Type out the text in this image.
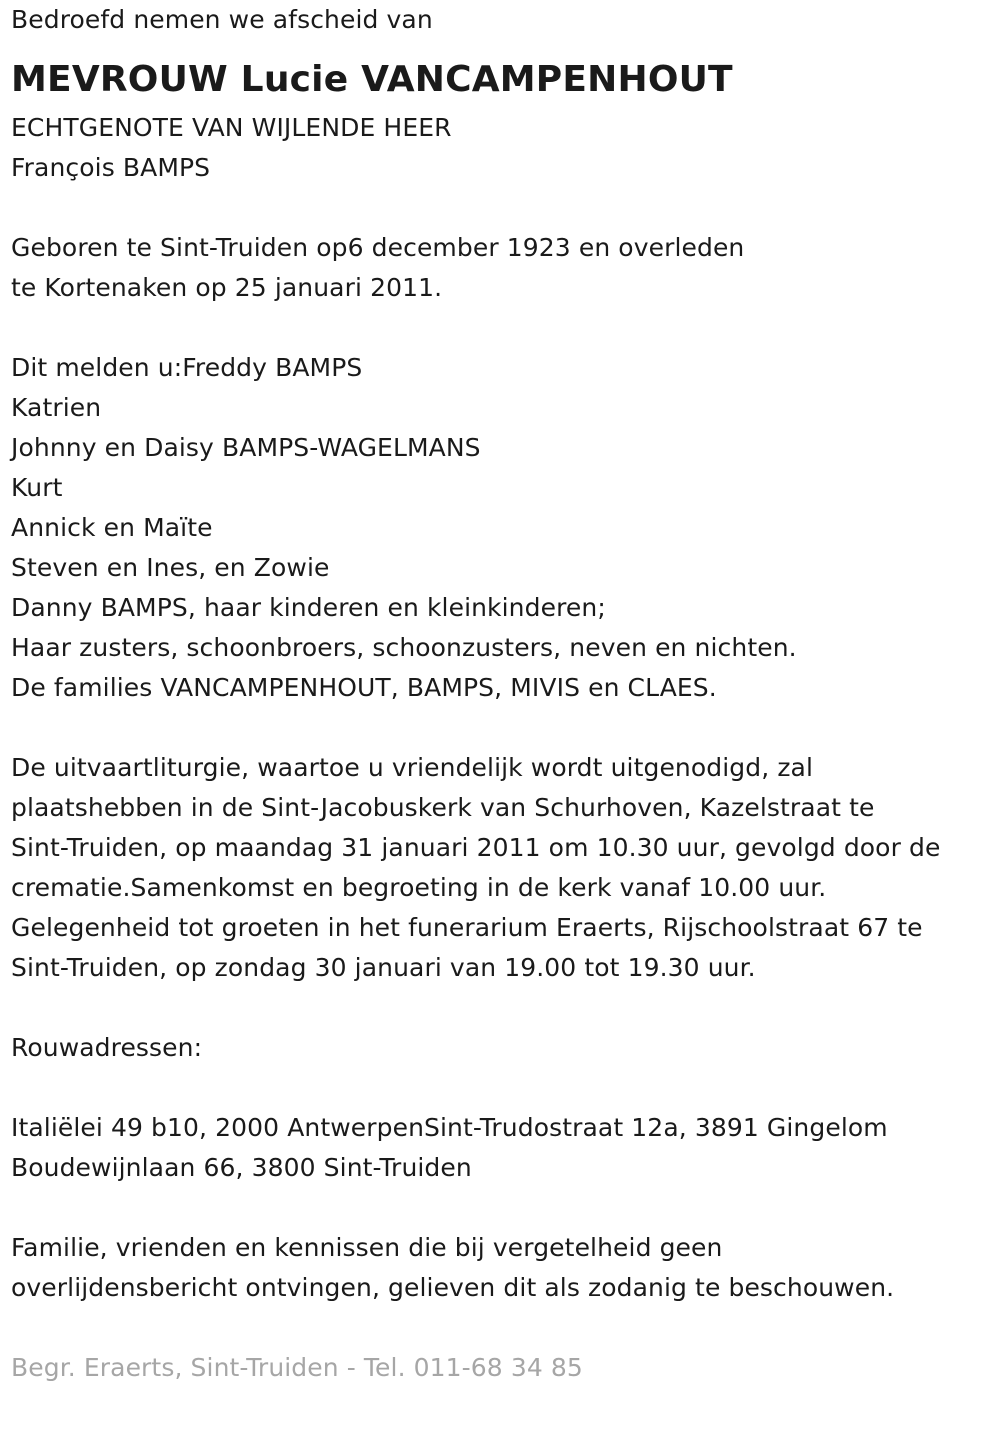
Bedroefd nemen we afscheid van
MEVROUW Lucie VANCAMPENHOUT
ECHTGENOTE VAN WIJLENDE HEER
François BAMPS
Geboren te Sint-Truiden op6 december 1923 en overleden
te Kortenaken op 25 januari 2011.
Dit melden u:Freddy BAMPS
Katrien
Johnny en Daisy BAMPS-WAGELMANS
Kurt
Annick en Maïte
Steven en Ines, en Zowie
Danny BAMPS, haar kinderen en kleinkinderen;
Haar zusters, schoonbroers, schoonzusters, neven en nichten.
De families VANCAMPENHOUT, BAMPS, MIVIS en CLAES.
De uitvaartliturgie, waartoe u vriendelijk wordt uitgenodigd, zal
plaatshebben in de Sint-Jacobuskerk van Schurhoven, Kazelstraat te
Sint-Truiden, op maandag 31 januari 2011 om 10.30 uur, gevolgd door de
crematie.Samenkomst en begroeting in de kerk vanaf 10.00 uur.
Gelegenheid tot groeten in het funerarium Eraerts, Rijschoolstraat 67 te
Sint-Truiden, op zondag 30 januari van 19.00 tot 19.30 uur.
Rouwadressen:
Italiëlei 49 b10, 2000 AntwerpenSint-Trudostraat 12a, 3891 Gingelom
Boudewijnlaan 66, 3800 Sint-Truiden
Familie, vrienden en kennissen die bij vergetelheid geen
overlijdensbericht ontvingen, gelieven dit als zodanig te beschouwen.
Begr. Eraerts, Sint-Truiden - Tel. 011-68 34 85
